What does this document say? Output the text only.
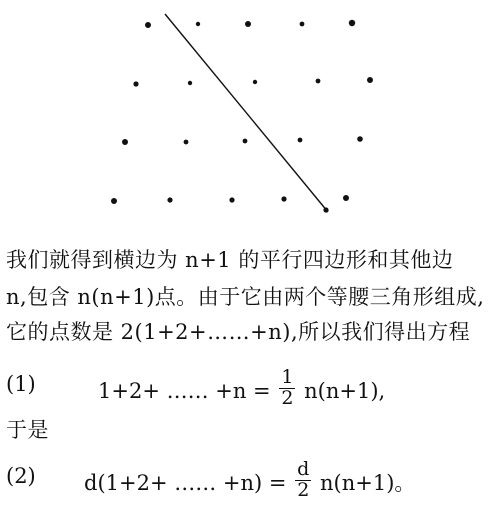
我们就得到横边为 n+1 的平行四边形和其他边
n,包含 n(n+1)点。由于它由两个等腰三角形组成,
它的点数是 2(1+2+……+n),所以我们得出方程
(1)	1+2+ …… $+n = \frac{1}{2} n(n+1)$,
于是
(2) d(1+2+ …… $+n) = \frac{d}{2} n(n+1)$。
